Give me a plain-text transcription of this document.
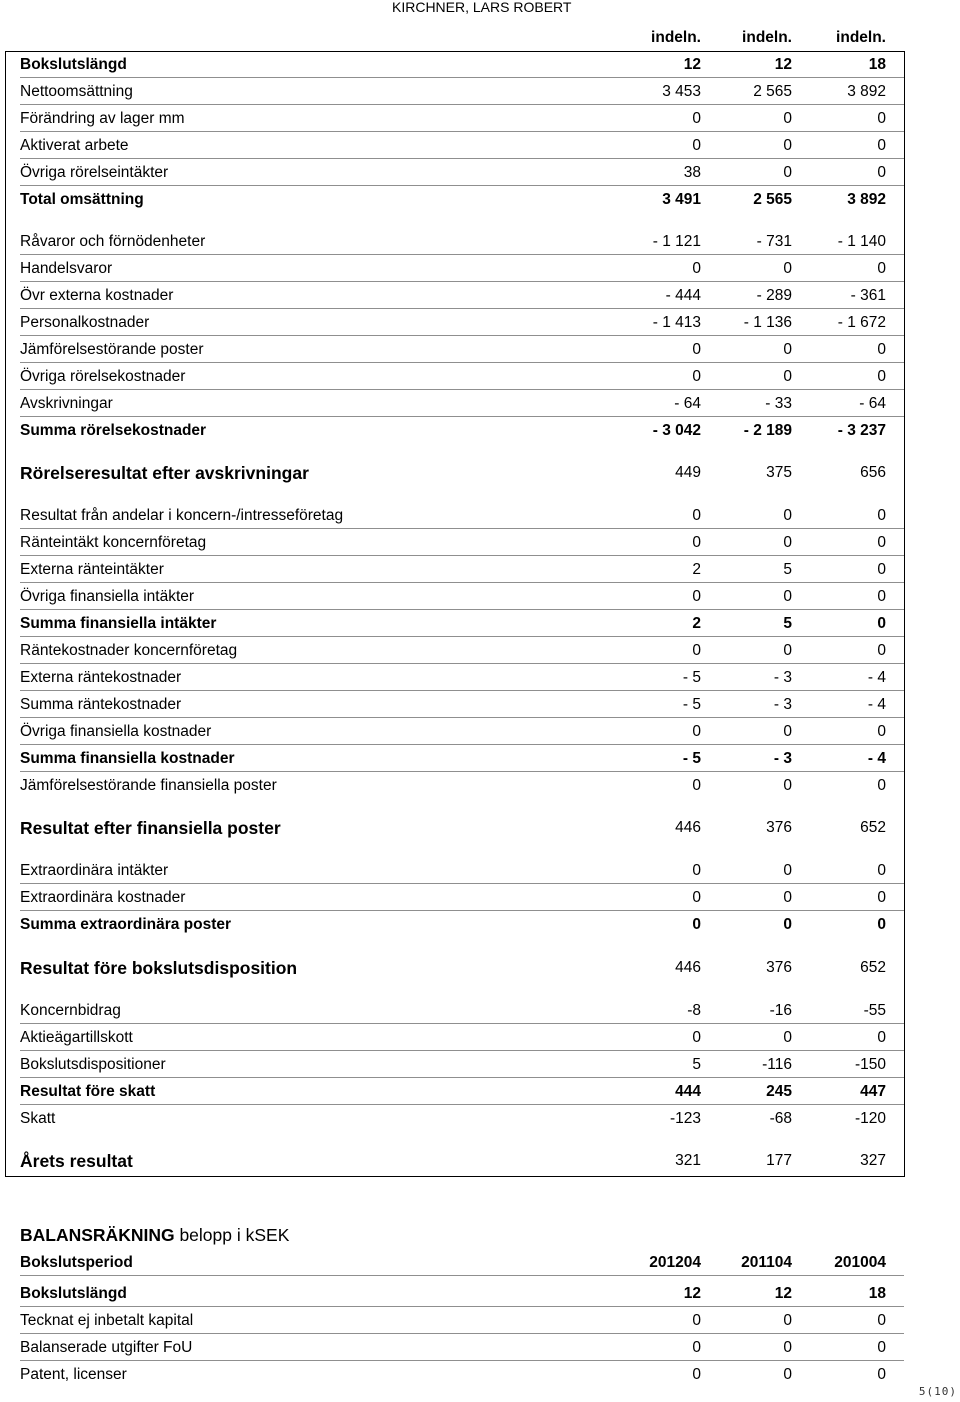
KIRCHNER, LARS ROBERT
indeln.	indeln.	indeln.
Bokslutslängd	12	12	18
Nettoomsättning	3 453	2 565	3 892
Förändring av lager mm	0	0	0
Aktiverat arbete	0	0	0
Övriga rörelseintäkter	38	0	0
Total omsättning	3 491	2 565	3 892
Råvaror och förnödenheter	- 1 121	- 731	- 1 140
Handelsvaror	0	0	0
Övr externa kostnader	- 444	- 289	- 361
Personalkostnader	- 1 413	- 1 136	- 1 672
Jämförelsestörande poster	0	0	0
Övriga rörelsekostnader	0	0	0
Avskrivningar	- 64	- 33	- 64
Summa rörelsekostnader	- 3 042	- 2 189	- 3 237
Rörelseresultat efter avskrivningar	449	375	656
Resultat från andelar i koncern-/intresseföretag	0	0	0
Ränteintäkt koncernföretag	0	0	0
Externa ränteintäkter	2	5	0
Övriga finansiella intäkter	0	0	0
Summa finansiella intäkter	2	5	0
Räntekostnader koncernföretag	0	0	0
Externa räntekostnader	- 5	- 3	- 4
Summa räntekostnader	- 5	- 3	- 4
Övriga finansiella kostnader	0	0	0
Summa finansiella kostnader	- 5	- 3	- 4
Jämförelsestörande finansiella poster	0	0	0
Resultat efter finansiella poster	446	376	652
Extraordinära intäkter	0	0	0
Extraordinära kostnader	0	0	0
Summa extraordinära poster	0	0	0
Resultat före bokslutsdisposition	446	376	652
Koncernbidrag	-8	-16	-55
Aktieägartillskott	0	0	0
Bokslutsdispositioner	5	-116	-150
Resultat före skatt	444	245	447
Skatt	-123	-68	-120
Årets resultat	321	177	327
BALANSRÄKNING belopp i kSEK
Bokslutsperiod	201204	201104	201004
Bokslutslängd	12	12	18
Tecknat ej inbetalt kapital	0	0	0
Balanserade utgifter FoU	0	0	0
Patent, licenser	0	0	0
5(10)
